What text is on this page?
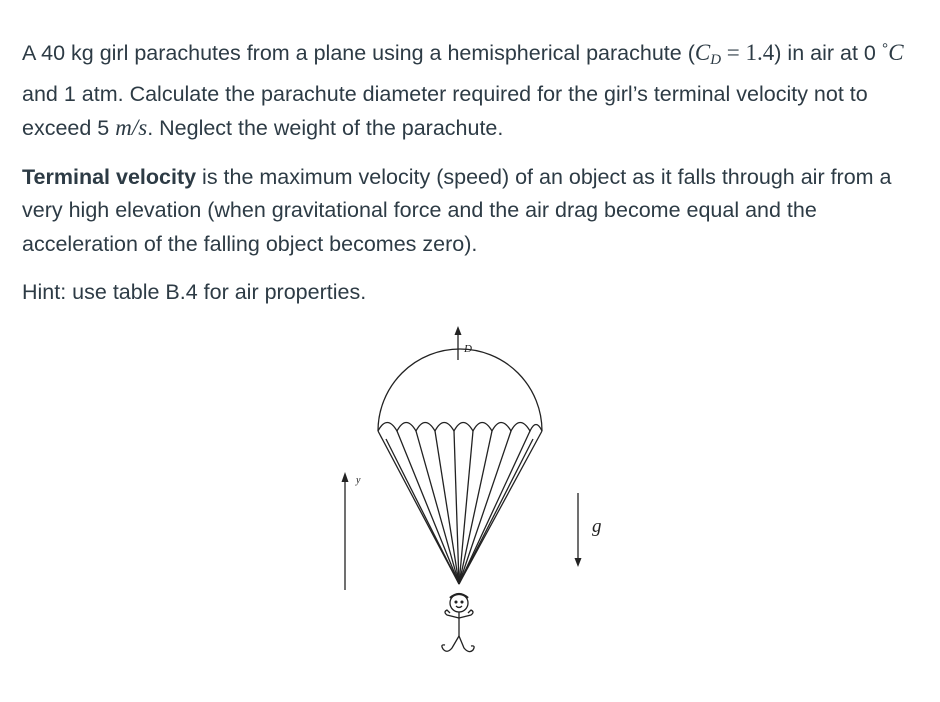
A 40 kg girl parachutes from a plane using a hemispherical parachute $(C_D = 1.4)$ in air at 0 °C and 1 atm. Calculate the parachute diameter required for the girl’s terminal velocity not to exceed 5 m/s. Neglect the weight of the parachute.

Terminal velocity is the maximum velocity (speed) of an object as it falls through air from a very high elevation (when gravitational force and the air drag become equal and the acceleration of the falling object becomes zero).

Hint: use table B.4 for air properties.

D
y
g
